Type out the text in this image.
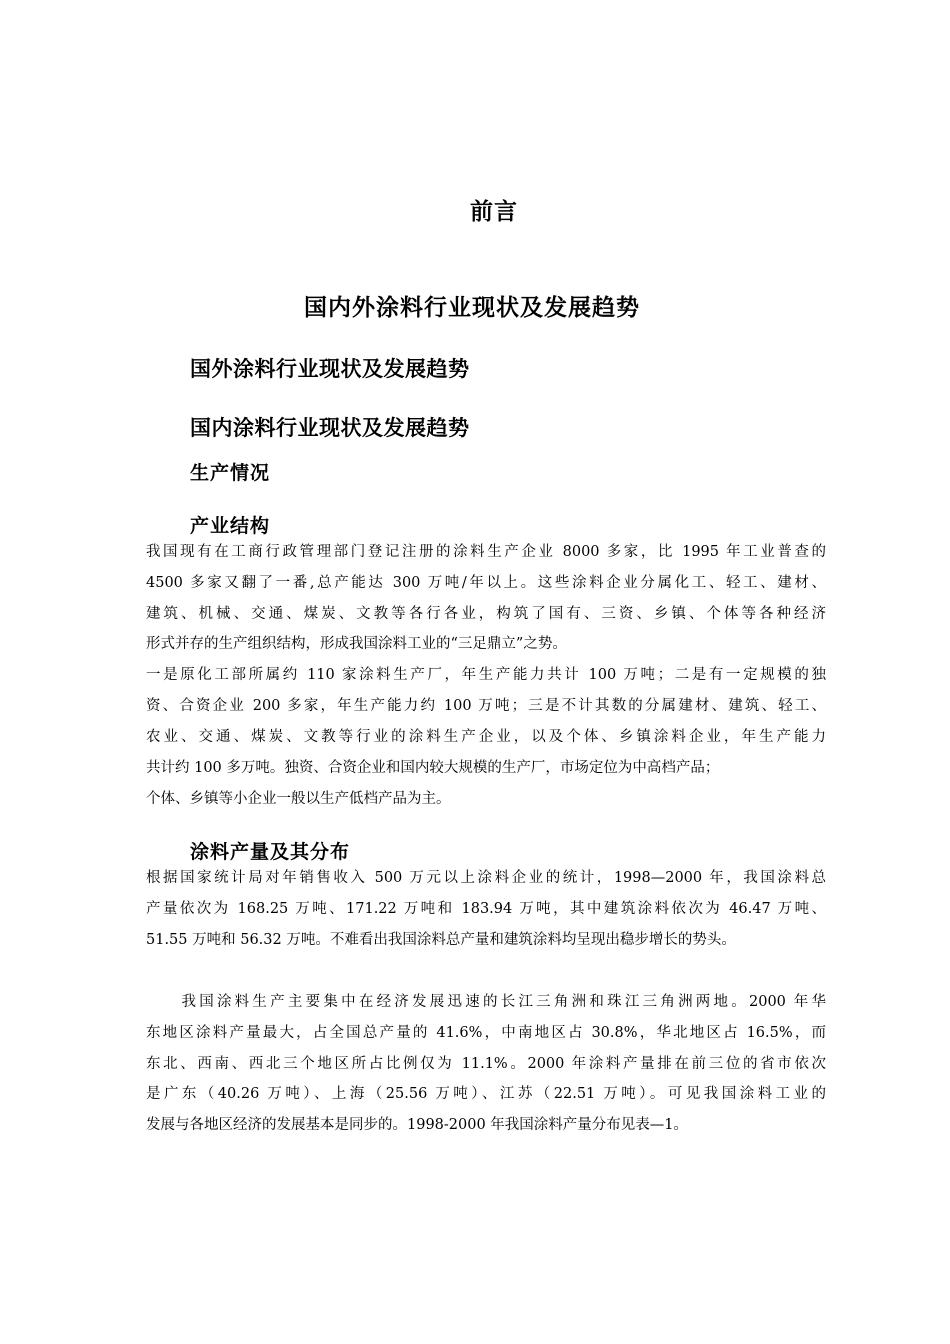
前言
国内外涂料行业现状及发展趋势
国外涂料行业现状及发展趋势
国内涂料行业现状及发展趋势
生产情况
产业结构
我国现有在工商行政管理部门登记注册的涂料生产企业 8000 多家，比 1995 年工业普查的
4500 多家又翻了一番,总产能达 300 万吨/年以上。这些涂料企业分属化工、轻工、建材、
建筑、机械、交通、煤炭、文教等各行各业，构筑了国有、三资、乡镇、个体等各种经济
形式并存的生产组织结构，形成我国涂料工业的“三足鼎立”之势。
一是原化工部所属约 110 家涂料生产厂，年生产能力共计 100 万吨；二是有一定规模的独
资、合资企业 200 多家，年生产能力约 100 万吨；三是不计其数的分属建材、建筑、轻工、
农业、交通、煤炭、文教等行业的涂料生产企业，以及个体、乡镇涂料企业，年生产能力
共计约 100 多万吨。独资、合资企业和国内较大规模的生产厂，市场定位为中高档产品；
个体、乡镇等小企业一般以生产低档产品为主。
涂料产量及其分布
根据国家统计局对年销售收入 500 万元以上涂料企业的统计，1998—2000 年，我国涂料总
产量依次为 168.25 万吨、171.22 万吨和 183.94 万吨，其中建筑涂料依次为 46.47 万吨、
51.55 万吨和 56.32 万吨。不难看出我国涂料总产量和建筑涂料均呈现出稳步增长的势头。
　　我国涂料生产主要集中在经济发展迅速的长江三角洲和珠江三角洲两地。2000 年华
东地区涂料产量最大，占全国总产量的 41.6%，中南地区占 30.8%，华北地区占 16.5%，而
东北、西南、西北三个地区所占比例仅为 11.1%。2000 年涂料产量排在前三位的省市依次
是广东（40.26 万吨）、上海（25.56 万吨）、江苏（22.51 万吨）。可见我国涂料工业的
发展与各地区经济的发展基本是同步的。1998-2000 年我国涂料产量分布见表—1。
